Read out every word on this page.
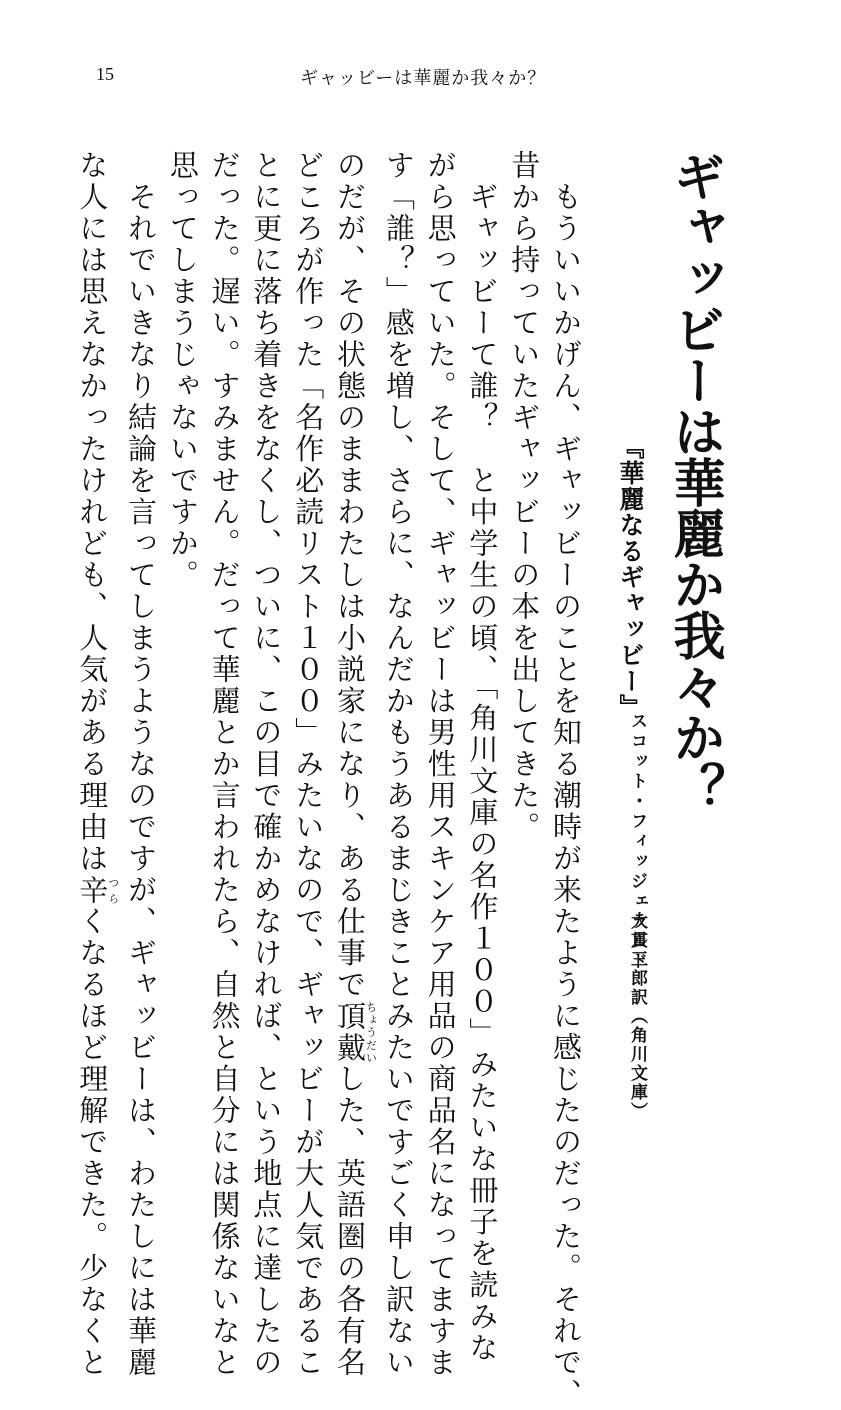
15	ギャッビーは華麗か我々か？
ギャッビーは華麗か我々か？
『華麗なるギャッビー』
スコット・フィッジェラルド
大貫三郎訳（角川文庫）

　もういいかげん、ギャッビーのことを知る潮時が来たように感じたのだった。それで、

昔から持っていたギャッビーの本を出してきた。

　ギャッビーて誰？　と中学生の頃、「角川文庫の名作１００」みたいな冊子を読みな

がら思っていた。そして、ギャッビーは男性用スキンケア用品の商品名になってますま

す「誰？」感を増し、さらに、なんだかもうあるまじきことみたいですごく申し訳ない

のだが、その状態のままわたしは小説家になり、ある仕事で頂戴ちょうだいした、英語圏の各有名

どころが作った「名作必読リスト１００」みたいなので、ギャッビーが大人気であるこ

とに更に落ち着きをなくし、ついに、この目で確かめなければ、という地点に達したの

だった。遅い。すみません。だって華麗とか言われたら、自然と自分には関係ないなと

思ってしまうじゃないですか。

　それでいきなり結論を言ってしまうようなのですが、ギャッビーは、わたしには華麗

な人には思えなかったけれども、人気がある理由は辛つらくなるほど理解できた。少なくと
